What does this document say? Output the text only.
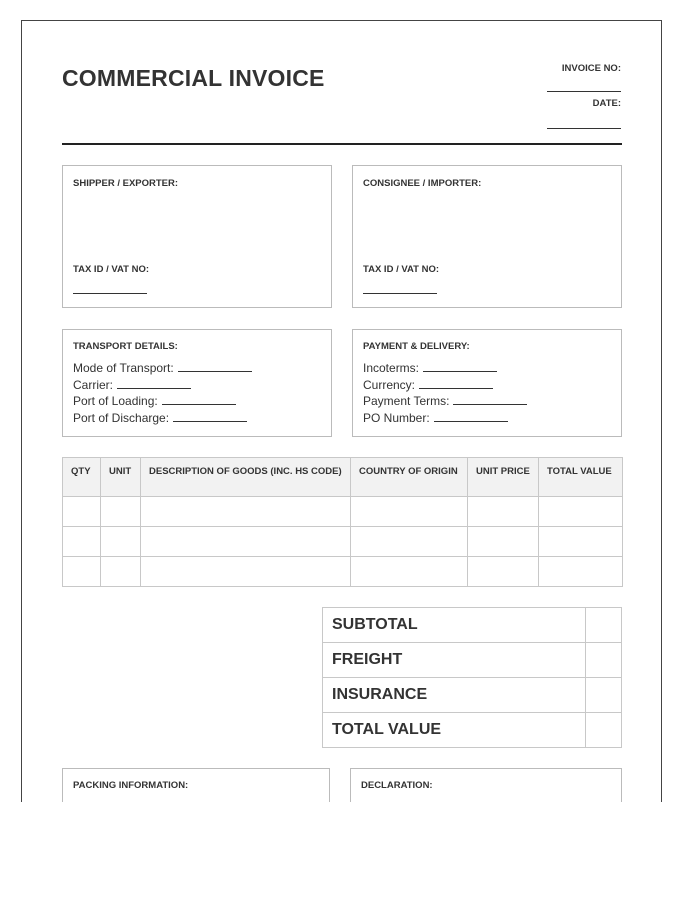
COMMERCIAL INVOICE	INVOICE NO:
DATE:
SHIPPER / EXPORTER:
TAX ID / VAT NO:
CONSIGNEE / IMPORTER:
TAX ID / VAT NO:
TRANSPORT DETAILS:
Mode of Transport:
Carrier:
Port of Loading:
Port of Discharge:
PAYMENT & DELIVERY:
Incoterms:
Currency:
Payment Terms:
PO Number:
QTY	UNIT	DESCRIPTION OF GOODS (INC. HS CODE)	COUNTRY OF ORIGIN	UNIT PRICE	TOTAL VALUE

SUBTOTAL	
FREIGHT	
INSURANCE	
TOTAL VALUE	
PACKING INFORMATION:	DECLARATION:
